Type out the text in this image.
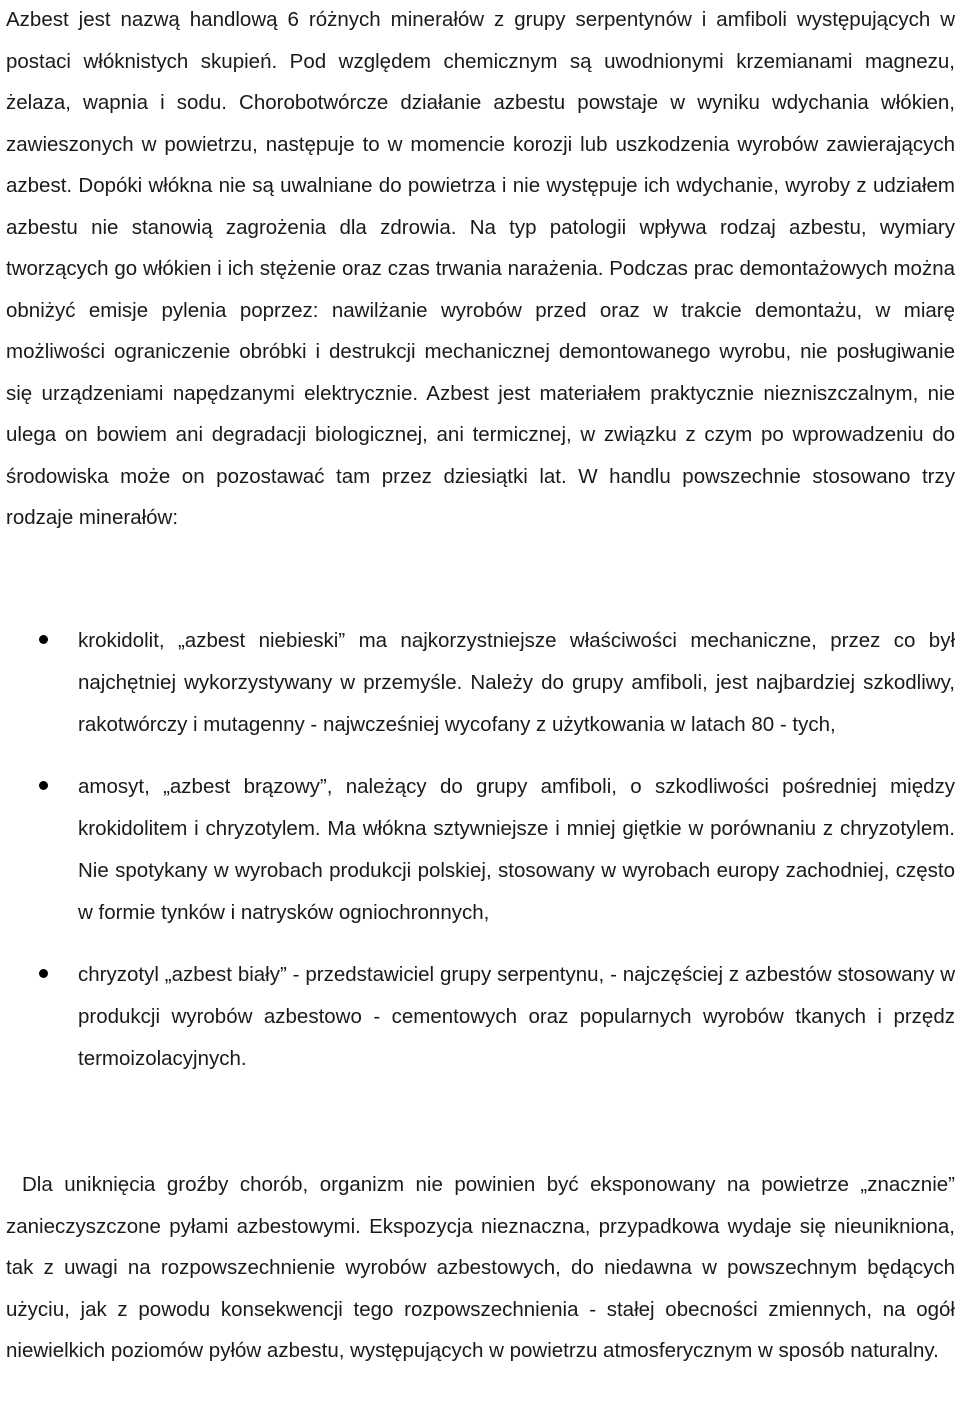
Azbest jest nazwą handlową 6 różnych minerałów z grupy serpentynów i amfiboli występujących w postaci włóknistych skupień. Pod względem chemicznym są uwodnionymi krzemianami magnezu, żelaza, wapnia i sodu. Chorobotwórcze działanie azbestu powstaje w wyniku wdychania włókien, zawieszonych w powietrzu, następuje to w momencie korozji lub uszkodzenia wyrobów zawierających azbest. Dopóki włókna nie są uwalniane do powietrza i nie występuje ich wdychanie, wyroby z udziałem azbestu nie stanowią zagrożenia dla zdrowia. Na typ patologii wpływa rodzaj azbestu, wymiary tworzących go włókien i ich stężenie oraz czas trwania narażenia. Podczas prac demontażowych można obniżyć emisje pylenia poprzez: nawilżanie wyrobów przed oraz w trakcie demontażu, w miarę możliwości ograniczenie obróbki i destrukcji mechanicznej demontowanego wyrobu, nie posługiwanie się urządzeniami napędzanymi elektrycznie. Azbest jest materiałem praktycznie niezniszczalnym, nie ulega on bowiem ani degradacji biologicznej, ani termicznej, w związku z czym po wprowadzeniu do środowiska może on pozostawać tam przez dziesiątki lat. W handlu powszechnie stosowano trzy rodzaje minerałów:

krokidolit, „azbest niebieski” ma najkorzystniejsze właściwości mechaniczne, przez co był najchętniej wykorzystywany w przemyśle. Należy do grupy amfiboli, jest najbardziej szkodliwy, rakotwórczy i mutagenny - najwcześniej wycofany z użytkowania w latach 80 - tych,
amosyt, „azbest brązowy”, należący do grupy amfiboli, o szkodliwości pośredniej między krokidolitem i chryzotylem. Ma włókna sztywniejsze i mniej giętkie w porównaniu z chryzotylem. Nie spotykany w wyrobach produkcji polskiej, stosowany w wyrobach europy zachodniej, często w formie tynków i natrysków ogniochronnych,
chryzotyl „azbest biały” - przedstawiciel grupy serpentynu, - najczęściej z azbestów stosowany w produkcji wyrobów azbestowo - cementowych oraz popularnych wyrobów tkanych i przędz termoizolacyjnych.

Dla uniknięcia groźby chorób, organizm nie powinien być eksponowany na powietrze „znacznie” zanieczyszczone pyłami azbestowymi. Ekspozycja nieznaczna, przypadkowa wydaje się nieunikniona, tak z uwagi na rozpowszechnienie wyrobów azbestowych, do niedawna w powszechnym będących użyciu, jak z powodu konsekwencji tego rozpowszechnienia - stałej obecności zmiennych, na ogół niewielkich poziomów pyłów azbestu, występujących w powietrzu atmosferycznym w sposób naturalny.
